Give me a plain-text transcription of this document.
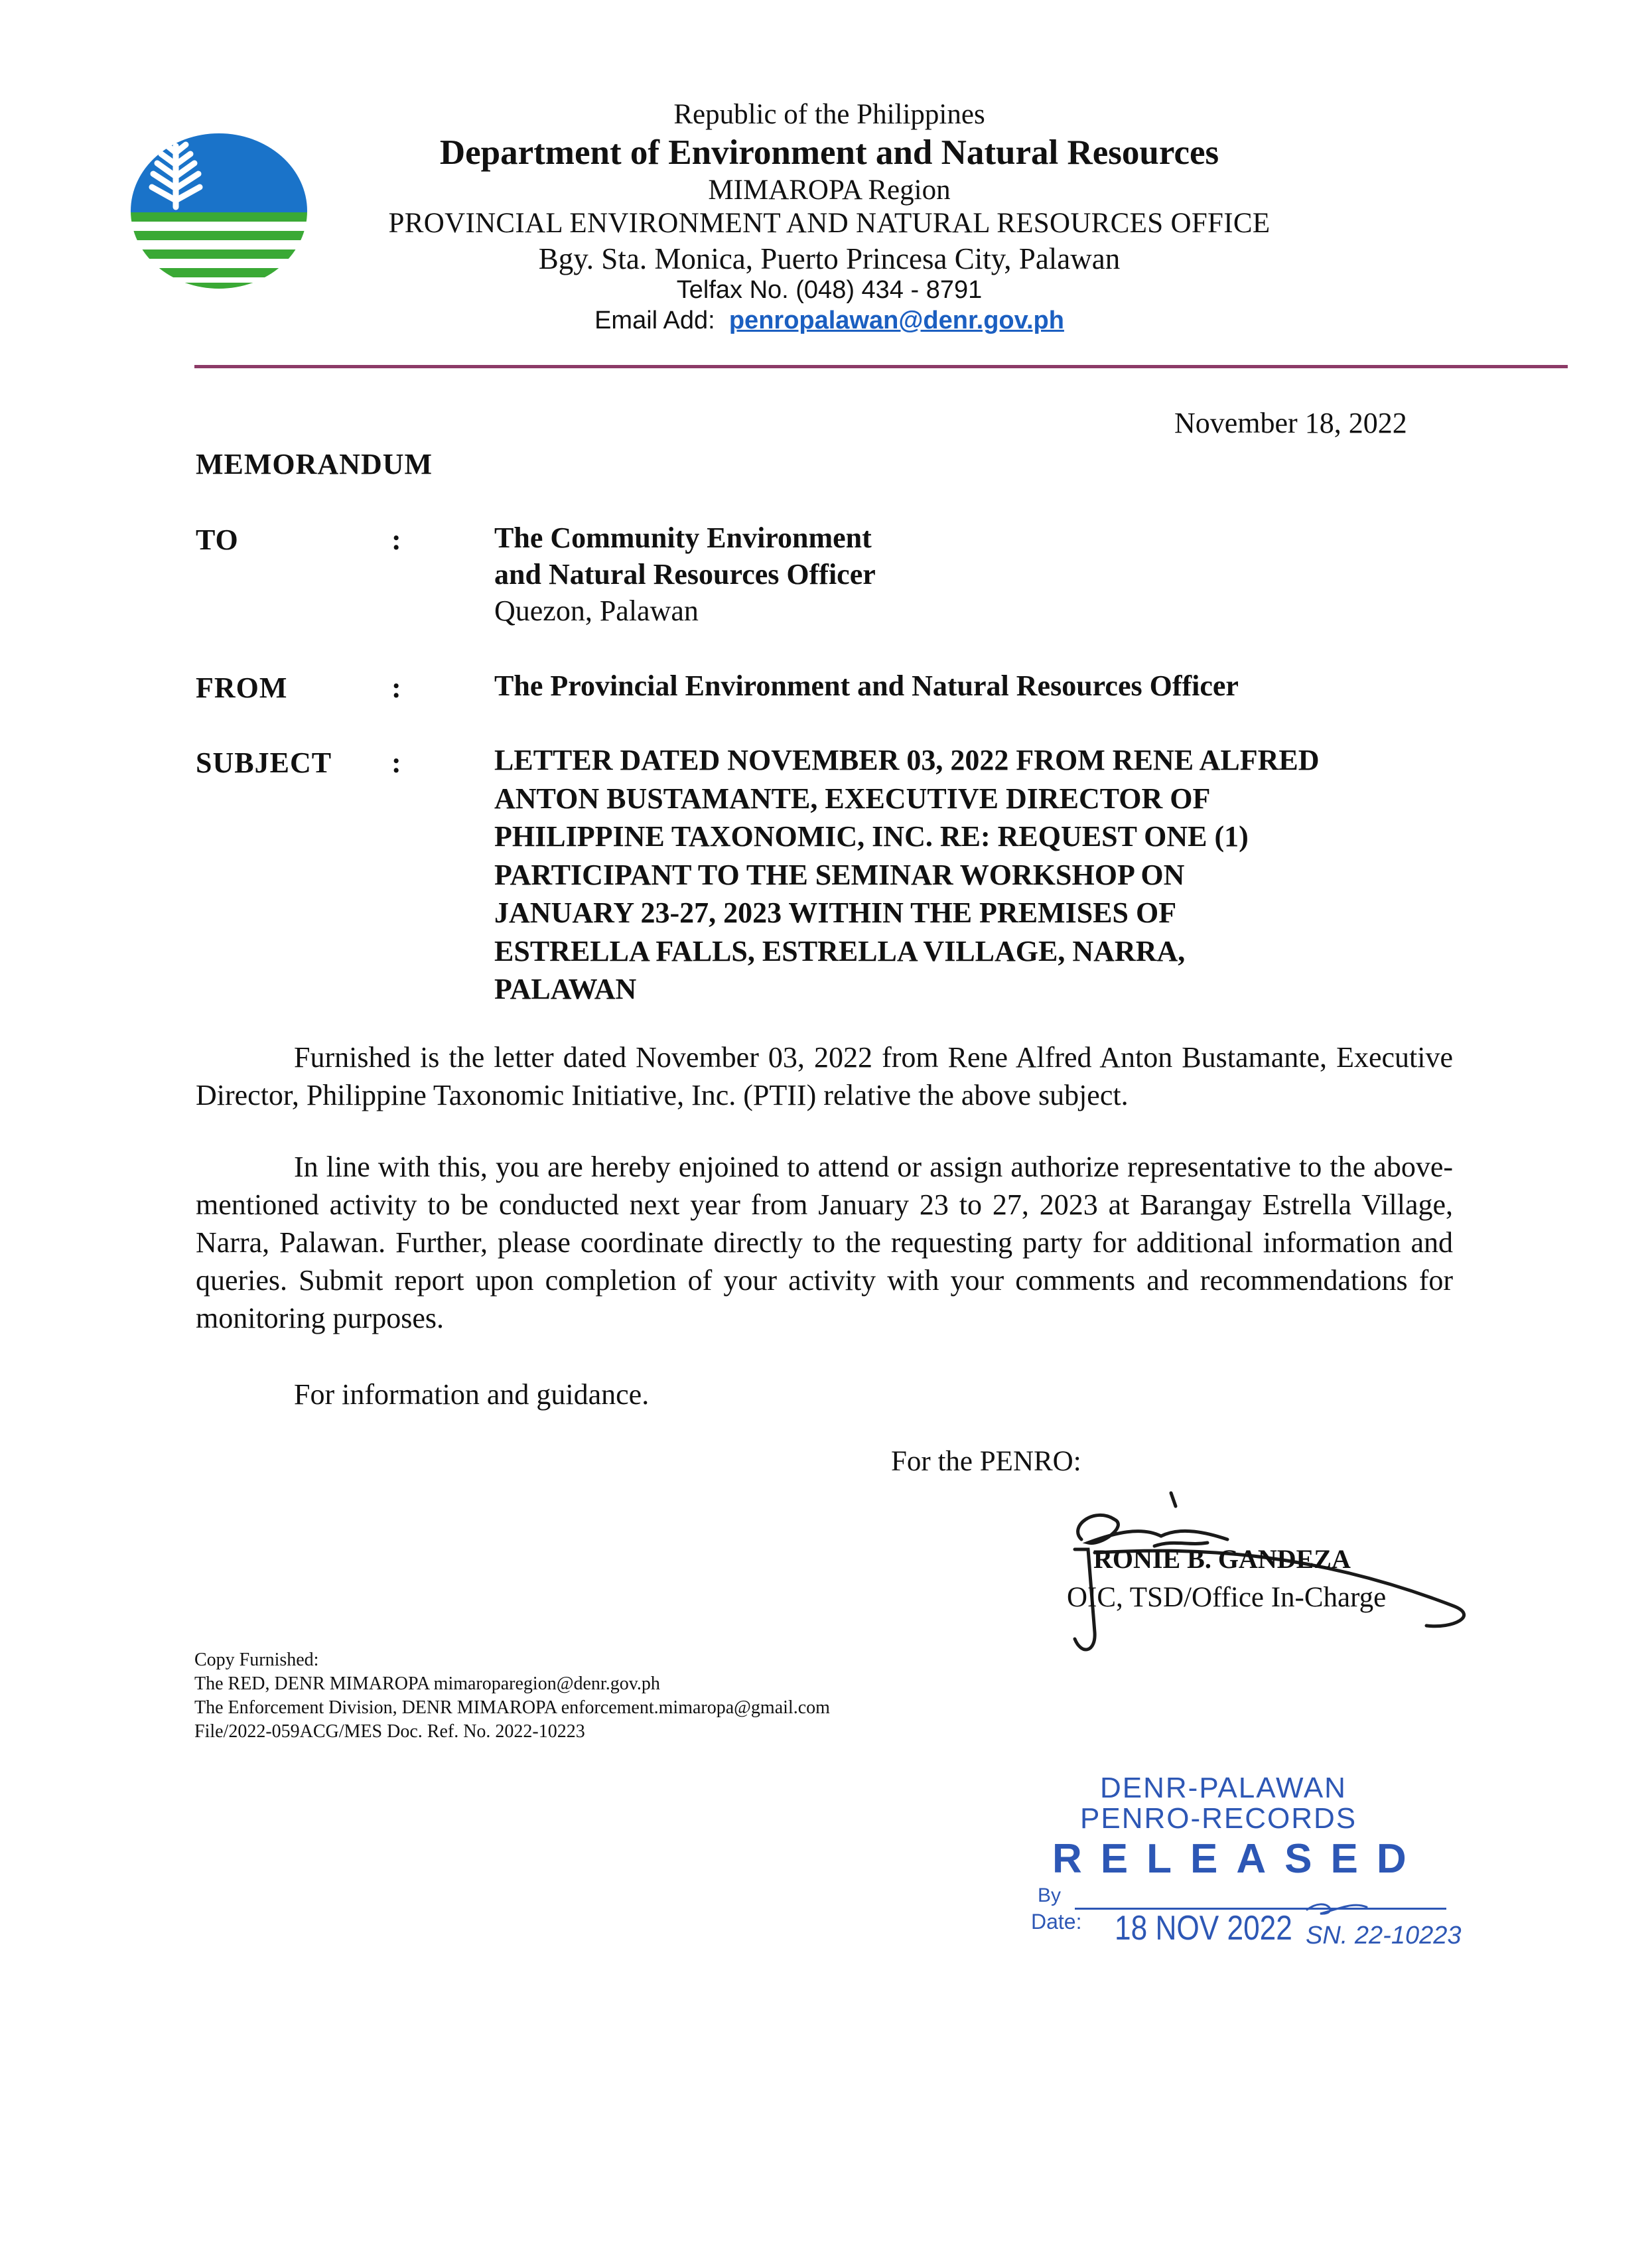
Republic of the Philippines
Department of Environment and Natural Resources
MIMAROPA Region
PROVINCIAL ENVIRONMENT AND NATURAL RESOURCES OFFICE
Bgy. Sta. Monica, Puerto Princesa City, Palawan
Telfax No. (048) 434 - 8791
Email Add: penropalawan@denr.gov.ph
November 18, 2022
MEMORANDUM
TO	:	The Community Environment
and Natural Resources Officer
Quezon, Palawan
FROM	:	The Provincial Environment and Natural Resources Officer
SUBJECT :	LETTER DATED NOVEMBER 03, 2022 FROM RENE ALFRED
ANTON BUSTAMANTE, EXECUTIVE DIRECTOR OF
PHILIPPINE TAXONOMIC, INC. RE: REQUEST ONE (1)
PARTICIPANT TO THE SEMINAR WORKSHOP ON
JANUARY 23-27, 2023 WITHIN THE PREMISES OF
ESTRELLA FALLS, ESTRELLA VILLAGE, NARRA,
PALAWAN

Furnished is the letter dated November 03, 2022 from Rene Alfred Anton Bustamante, Executive Director, Philippine Taxonomic Initiative, Inc. (PTII) relative the above subject.

In line with this, you are hereby enjoined to attend or assign authorize representative to the above-mentioned activity to be conducted next year from January 23 to 27, 2023 at Barangay Estrella Village, Narra, Palawan. Further, please coordinate directly to the requesting party for additional information and queries. Submit report upon completion of your activity with your comments and recommendations for monitoring purposes.

For information and guidance.

For the PENRO:
RONIE B. GANDEZA
OIC, TSD/Office In-Charge
Copy Furnished:
The RED, DENR MIMAROPA mimaroparegion@denr.gov.ph
The Enforcement Division, DENR MIMAROPA enforcement.mimaropa@gmail.com
File/2022-059ACG/MES Doc. Ref. No. 2022-10223
DENR-PALAWAN
PENRO-RECORDS
RELEASED
By
Date: 18 NOV 2022 SN. 22-10223
